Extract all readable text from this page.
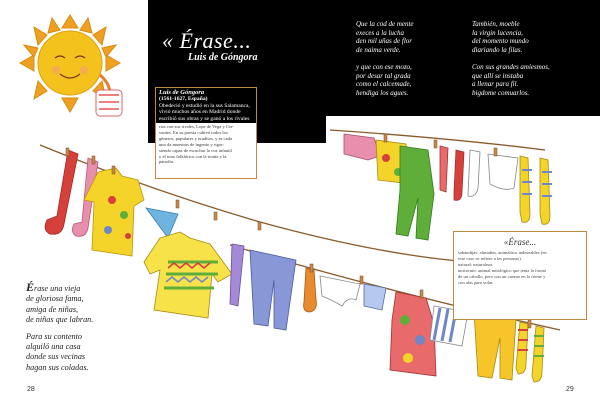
« Érase...
Luis de Góngora
Que la cod de mente
execes a la lucha
den mil uñas de flor
de naima verde.

y que con ese mozo,
por desar tal grada
como el calcemade,
hendiga los agues.
También, moeble
la virgin lucencia,
del momento mundo
diariando la filas.

Con sus grandes amiesmos,
que allí se instaba
a llenar para fil.
bigdome comuarlos.
Luis de Góngora
(1561-1627, España)
Obedeció y estudió en la sus Salamanca, vivió muchos años en Madrid donde escribió sus obras y se ganó a los rivales
rias con sus rivales, Lope de Vega y Cer-
vantes. En su poesía cultivó todos los
géneros, populares y eruditos, y es cada
uno da muestras de ingenio y rigor:
siendo capaz de escuchar la voz infantil
y el tono folklórico con la ironía y la
parodia.
Érase una vieja
de gloriosa fama,
amiga de niñas,
de niñas que labran.
Para su contento
alquiló una casa
donde sus vecinas
hagan sus coladas.
«Érase...
sabandijas: alimañas, animalitos indeseables (en
este caso se refiere a las personas).
natural: naturaleza.
unicornio: animal mitológico que tenía la forma
de un caballo, pero con un cuerno en la frente y
con alas para volar.
28	29
